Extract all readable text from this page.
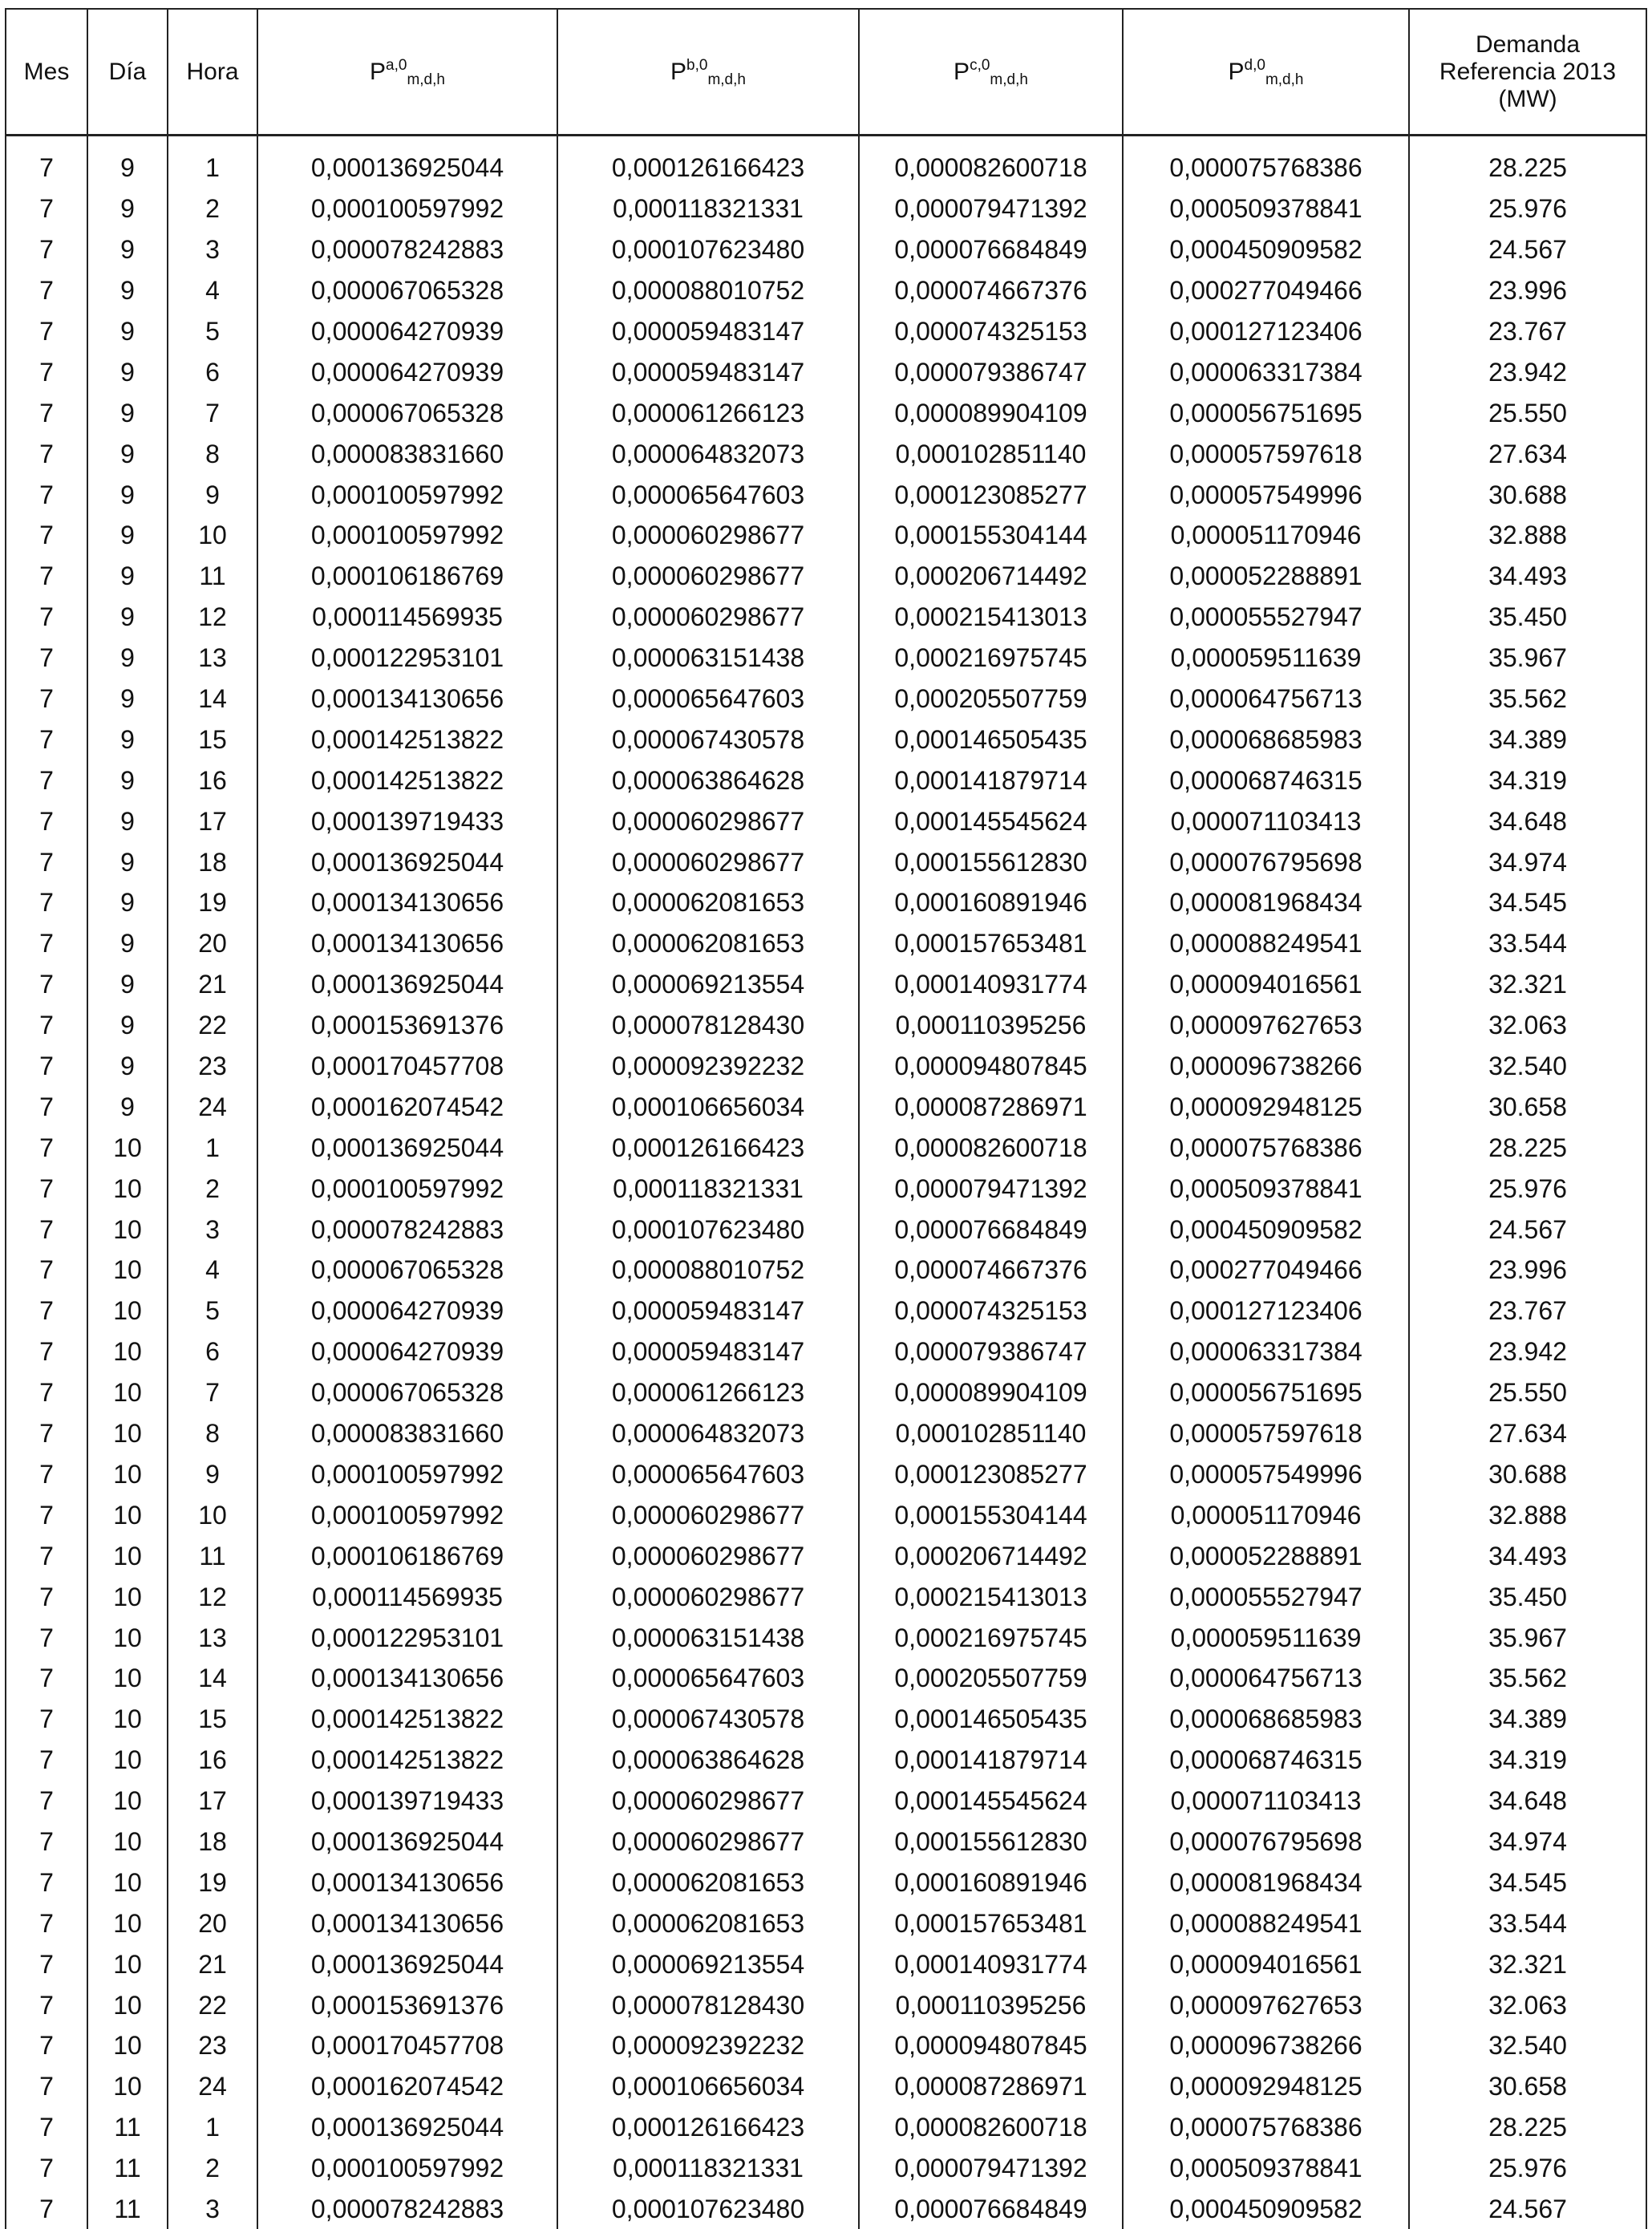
Mes	Día	Hora	P$^{a,0}_{m,d,h}$	P$^{b,0}_{m,d,h}$	P$^{c,0}_{m,d,h}$	P$^{d,0}_{m,d,h}$	Demanda
Referencia 2013
(MW)

7	9	1	0,000136925044	0,000126166423	0,000082600718	0,000075768386	28.225
7	9	2	0,000100597992	0,000118321331	0,000079471392	0,000509378841	25.976
7	9	3	0,000078242883	0,000107623480	0,000076684849	0,000450909582	24.567
7	9	4	0,000067065328	0,000088010752	0,000074667376	0,000277049466	23.996
7	9	5	0,000064270939	0,000059483147	0,000074325153	0,000127123406	23.767
7	9	6	0,000064270939	0,000059483147	0,000079386747	0,000063317384	23.942
7	9	7	0,000067065328	0,000061266123	0,000089904109	0,000056751695	25.550
7	9	8	0,000083831660	0,000064832073	0,000102851140	0,000057597618	27.634
7	9	9	0,000100597992	0,000065647603	0,000123085277	0,000057549996	30.688
7	9	10	0,000100597992	0,000060298677	0,000155304144	0,000051170946	32.888
7	9	11	0,000106186769	0,000060298677	0,000206714492	0,000052288891	34.493
7	9	12	0,000114569935	0,000060298677	0,000215413013	0,000055527947	35.450
7	9	13	0,000122953101	0,000063151438	0,000216975745	0,000059511639	35.967
7	9	14	0,000134130656	0,000065647603	0,000205507759	0,000064756713	35.562
7	9	15	0,000142513822	0,000067430578	0,000146505435	0,000068685983	34.389
7	9	16	0,000142513822	0,000063864628	0,000141879714	0,000068746315	34.319
7	9	17	0,000139719433	0,000060298677	0,000145545624	0,000071103413	34.648
7	9	18	0,000136925044	0,000060298677	0,000155612830	0,000076795698	34.974
7	9	19	0,000134130656	0,000062081653	0,000160891946	0,000081968434	34.545
7	9	20	0,000134130656	0,000062081653	0,000157653481	0,000088249541	33.544
7	9	21	0,000136925044	0,000069213554	0,000140931774	0,000094016561	32.321
7	9	22	0,000153691376	0,000078128430	0,000110395256	0,000097627653	32.063
7	9	23	0,000170457708	0,000092392232	0,000094807845	0,000096738266	32.540
7	9	24	0,000162074542	0,000106656034	0,000087286971	0,000092948125	30.658
7	10	1	0,000136925044	0,000126166423	0,000082600718	0,000075768386	28.225
7	10	2	0,000100597992	0,000118321331	0,000079471392	0,000509378841	25.976
7	10	3	0,000078242883	0,000107623480	0,000076684849	0,000450909582	24.567
7	10	4	0,000067065328	0,000088010752	0,000074667376	0,000277049466	23.996
7	10	5	0,000064270939	0,000059483147	0,000074325153	0,000127123406	23.767
7	10	6	0,000064270939	0,000059483147	0,000079386747	0,000063317384	23.942
7	10	7	0,000067065328	0,000061266123	0,000089904109	0,000056751695	25.550
7	10	8	0,000083831660	0,000064832073	0,000102851140	0,000057597618	27.634
7	10	9	0,000100597992	0,000065647603	0,000123085277	0,000057549996	30.688
7	10	10	0,000100597992	0,000060298677	0,000155304144	0,000051170946	32.888
7	10	11	0,000106186769	0,000060298677	0,000206714492	0,000052288891	34.493
7	10	12	0,000114569935	0,000060298677	0,000215413013	0,000055527947	35.450
7	10	13	0,000122953101	0,000063151438	0,000216975745	0,000059511639	35.967
7	10	14	0,000134130656	0,000065647603	0,000205507759	0,000064756713	35.562
7	10	15	0,000142513822	0,000067430578	0,000146505435	0,000068685983	34.389
7	10	16	0,000142513822	0,000063864628	0,000141879714	0,000068746315	34.319
7	10	17	0,000139719433	0,000060298677	0,000145545624	0,000071103413	34.648
7	10	18	0,000136925044	0,000060298677	0,000155612830	0,000076795698	34.974
7	10	19	0,000134130656	0,000062081653	0,000160891946	0,000081968434	34.545
7	10	20	0,000134130656	0,000062081653	0,000157653481	0,000088249541	33.544
7	10	21	0,000136925044	0,000069213554	0,000140931774	0,000094016561	32.321
7	10	22	0,000153691376	0,000078128430	0,000110395256	0,000097627653	32.063
7	10	23	0,000170457708	0,000092392232	0,000094807845	0,000096738266	32.540
7	10	24	0,000162074542	0,000106656034	0,000087286971	0,000092948125	30.658
7	11	1	0,000136925044	0,000126166423	0,000082600718	0,000075768386	28.225
7	11	2	0,000100597992	0,000118321331	0,000079471392	0,000509378841	25.976
7	11	3	0,000078242883	0,000107623480	0,000076684849	0,000450909582	24.567
